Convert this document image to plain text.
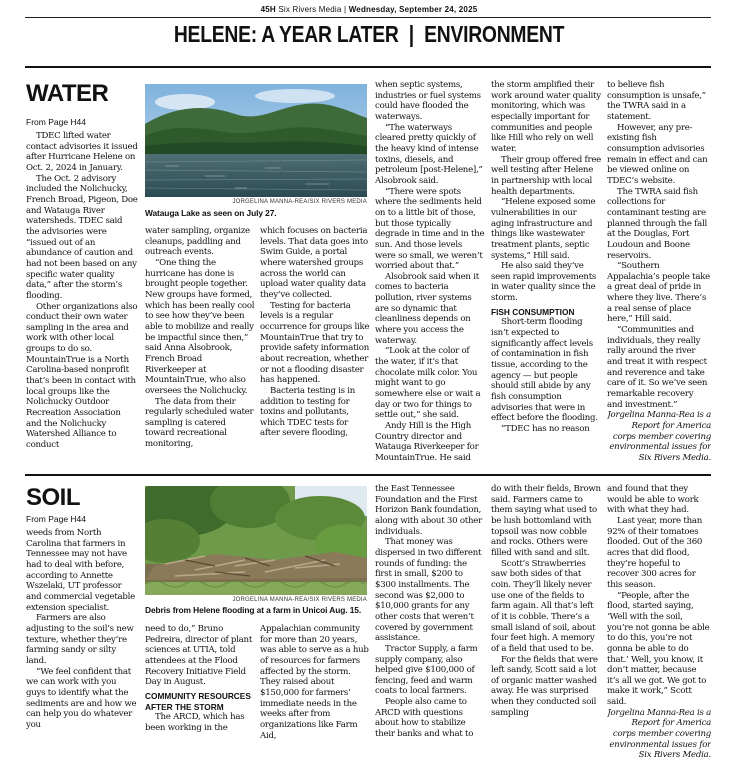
45H Six Rivers Media | Wednesday, September 24, 2025
HELENE: A YEAR LATER  |  ENVIRONMENT
WATER
From Page H44

TDEC lifted water contact advisories it issued after Hurricane Helene on Oct. 2, 2024 in January.

The Oct. 2 advisory included the Nolichucky, French Broad, Pigeon, Doe and Watauga River watersheds. TDEC said the advisories were “issued out of an abundance of caution and had not been based on any specific water quality data,” after the storm’s flooding.

Other organizations also conduct their own water sampling in the area and work with other local groups to do so. MountainTrue is a North Carolina-based nonprofit that’s been in contact with local groups like the Nolichucky Outdoor Recreation Association and the Nolichucky Watershed Alliance to conduct

JORGELINA MANNA-REA/SIX RIVERS MEDIA
Watauga Lake as seen on July 27.

water sampling, organize cleanups, paddling and outreach events.

“One thing the hurricane has done is brought people together. New groups have formed, which has been really cool to see how they’ve been able to mobilize and really be impactful since then,” said Anna Alsobrook, French Broad Riverkeeper at MountainTrue, who also oversees the Nolichucky.

The data from their regularly scheduled water sampling is catered toward recreational monitoring,

which focuses on bacteria levels. That data goes into Swim Guide, a portal where watershed groups across the world can upload water quality data they’ve collected.

Testing for bacteria levels is a regular occurrence for groups like MountainTrue that try to provide safety information about recreation, whether or not a flooding disaster has happened.

Bacteria testing is in addition to testing for toxins and pollutants, which TDEC tests for after severe flooding,

when septic systems, industries or fuel systems could have flooded the waterways.

“The waterways cleared pretty quickly of the heavy kind of intense toxins, diesels, and petroleum [post-Helene],” Alsobrook said.

“There were spots where the sediments held on to a little bit of those, but those typically degrade in time and in the sun. And those levels were so small, we weren’t worried about that.”

Alsobrook said when it comes to bacteria pollution, river systems are so dynamic that cleanliness depends on where you access the waterway.

“Look at the color of the water, if it’s that chocolate milk color. You might want to go somewhere else or wait a day or two for things to settle out,” she said.

Andy Hill is the High Country director and Watauga Riverkeeper for MountainTrue. He said

the storm amplified their work around water quality monitoring, which was especially important for communities and people like Hill who rely on well water.

Their group offered free well testing after Helene in partnership with local health departments.

“Helene exposed some vulnerabilities in our aging infrastructure and things like wastewater treatment plants, septic systems,” Hill said.

He also said they’ve seen rapid improvements in water quality since the storm.

FISH CONSUMPTION

Short-term flooding isn’t expected to significantly affect levels of contamination in fish tissue, according to the agency — but people should still abide by any fish consumption advisories that were in effect before the flooding.

“TDEC has no reason

to believe fish consumption is unsafe,” the TWRA said in a statement.

However, any pre-existing fish consumption advisories remain in effect and can be viewed online on TDEC’s website.

The TWRA said fish collections for contaminant testing are planned through the fall at the Douglas, Fort Loudoun and Boone reservoirs.

“Southern Appalachia’s people take a great deal of pride in where they live. There’s a real sense of place here,” Hill said.

“Communities and individuals, they really rally around the river and treat it with respect and reverence and take care of it. So we’ve seen remarkable recovery and investment.”

Jorgelina Manna-Rea is a Report for America corps member covering environmental issues for Six Rivers Media.

SOIL
From Page H44

weeds from North Carolina that farmers in Tennessee may not have had to deal with before, according to Annette Wszelaki, UT professor and commercial vegetable extension specialist.

Farmers are also adjusting to the soil’s new texture, whether they’re farming sandy or silty land.

“We feel confident that we can work with you guys to identify what the sediments are and how we can help you do whatever you

JORGELINA MANNA-REA/SIX RIVERS MEDIA
Debris from Helene flooding at a farm in Unicoi Aug. 15.

need to do,” Bruno Pedreira, director of plant sciences at UTIA, told attendees at the Flood Recovery Initiative Field Day in August.

COMMUNITY RESOURCES AFTER THE STORM

The ARCD, which has been working in the

Appalachian community for more than 20 years, was able to serve as a hub of resources for farmers affected by the storm. They raised about $150,000 for farmers’ immediate needs in the weeks after from organizations like Farm Aid,

the East Tennessee Foundation and the First Horizon Bank foundation, along with about 30 other individuals.

That money was dispersed in two different rounds of funding: the first in small, $200 to $300 installments. The second was $2,000 to $10,000 grants for any other costs that weren’t covered by government assistance.

Tractor Supply, a farm supply company, also helped give $100,000 of fencing, feed and warm coats to local farmers.

People also came to ARCD with questions about how to stabilize their banks and what to

do with their fields, Brown said. Farmers came to them saying what used to be lush bottomland with topsoil was now cobble and rocks. Others were filled with sand and silt.

Scott’s Strawberries saw both sides of that coin. They’ll likely never use one of the fields to farm again. All that’s left of it is cobble. There’s a small island of soil, about four feet high. A memory of a field that used to be.

For the fields that were left sandy, Scott said a lot of organic matter washed away. He was surprised when they conducted soil sampling

and found that they would be able to work with what they had.

Last year, more than 92% of their tomatoes flooded. Out of the 360 acres that did flood, they’re hopeful to recover 300 acres for this season.

“People, after the flood, started saying, ‘Well with the soil, you’re not gonna be able to do this, you’re not gonna be able to do that.’ Well, you know, it don’t matter, because it’s all we got. We got to make it work,” Scott said.

Jorgelina Manna-Rea is a Report for America corps member covering environmental issues for Six Rivers Media.
